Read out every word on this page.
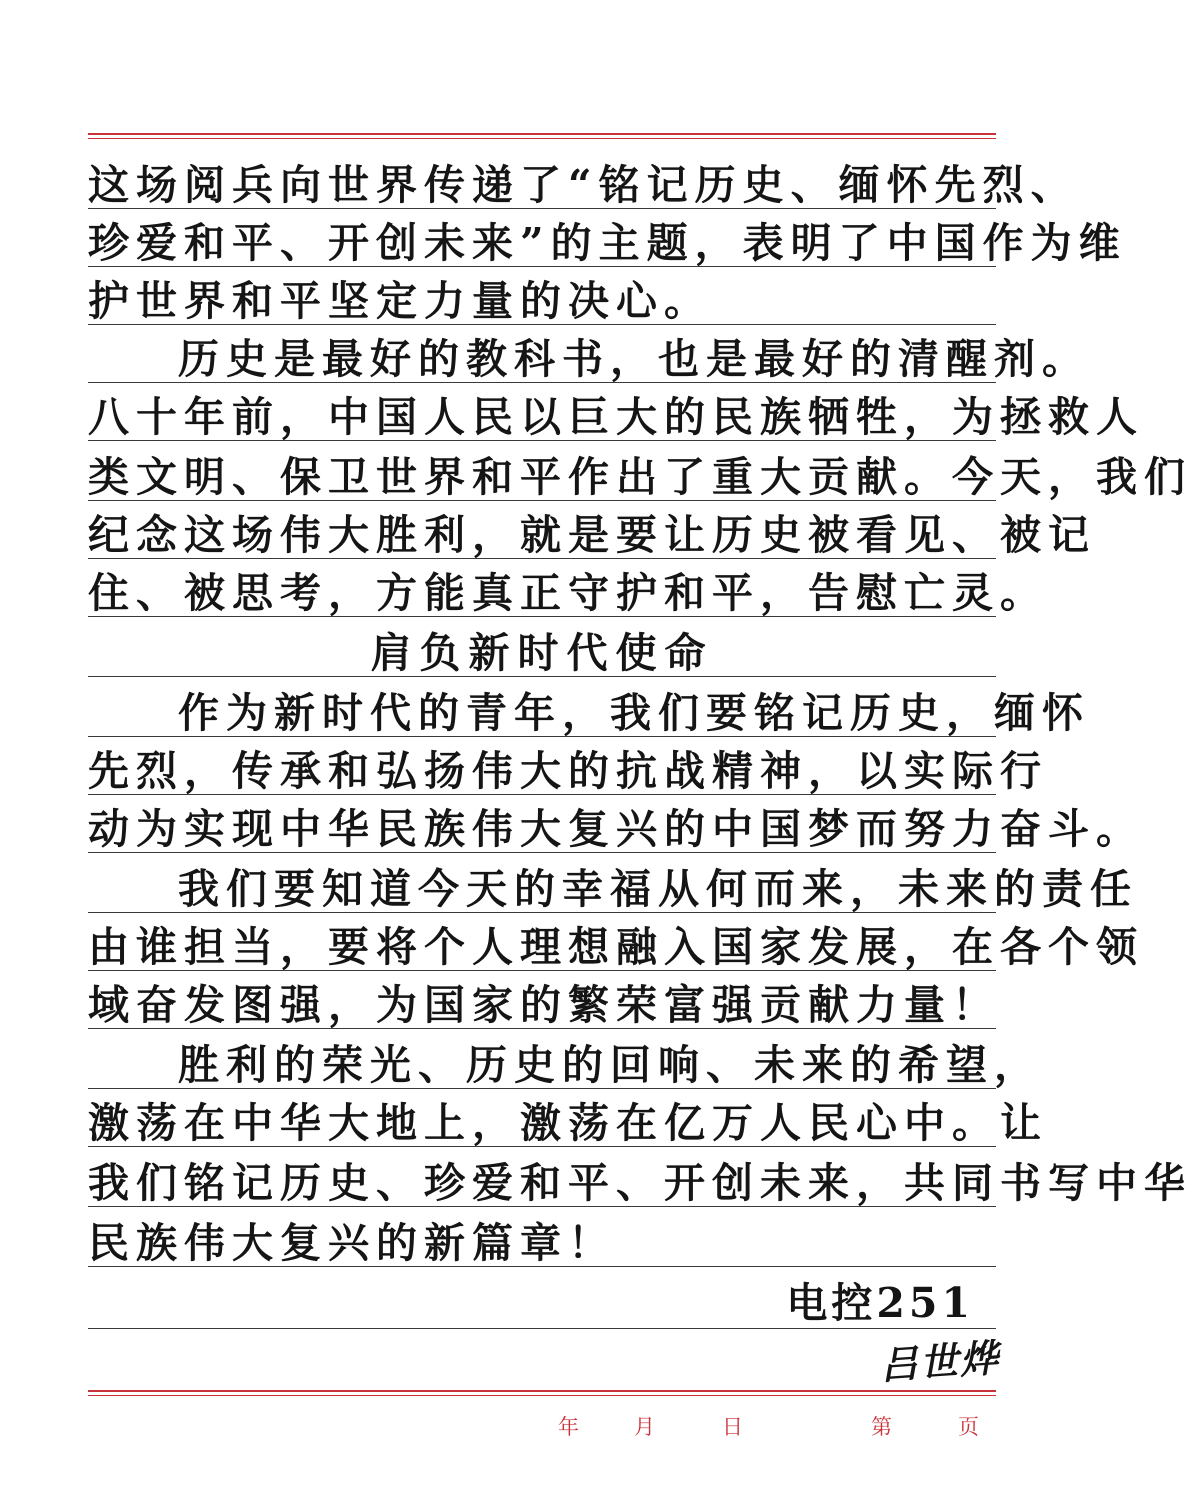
这场阅兵向世界传递了“铭记历史、缅怀先烈、
珍爱和平、开创未来”的主题，表明了中国作为维
护世界和平坚定力量的决心。
历史是最好的教科书，也是最好的清醒剂。
八十年前，中国人民以巨大的民族牺牲，为拯救人
类文明、保卫世界和平作出了重大贡献。今天，我们
纪念这场伟大胜利，就是要让历史被看见、被记
住、被思考，方能真正守护和平，告慰亡灵。
肩负新时代使命
作为新时代的青年，我们要铭记历史，缅怀
先烈，传承和弘扬伟大的抗战精神，以实际行
动为实现中华民族伟大复兴的中国梦而努力奋斗。
我们要知道今天的幸福从何而来，未来的责任
由谁担当，要将个人理想融入国家发展，在各个领
域奋发图强，为国家的繁荣富强贡献力量！
胜利的荣光、历史的回响、未来的希望，
激荡在中华大地上，激荡在亿万人民心中。让
我们铭记历史、珍爱和平、开创未来，共同书写中华
民族伟大复兴的新篇章！
电控251
吕世烨
年	月	日	第	页
